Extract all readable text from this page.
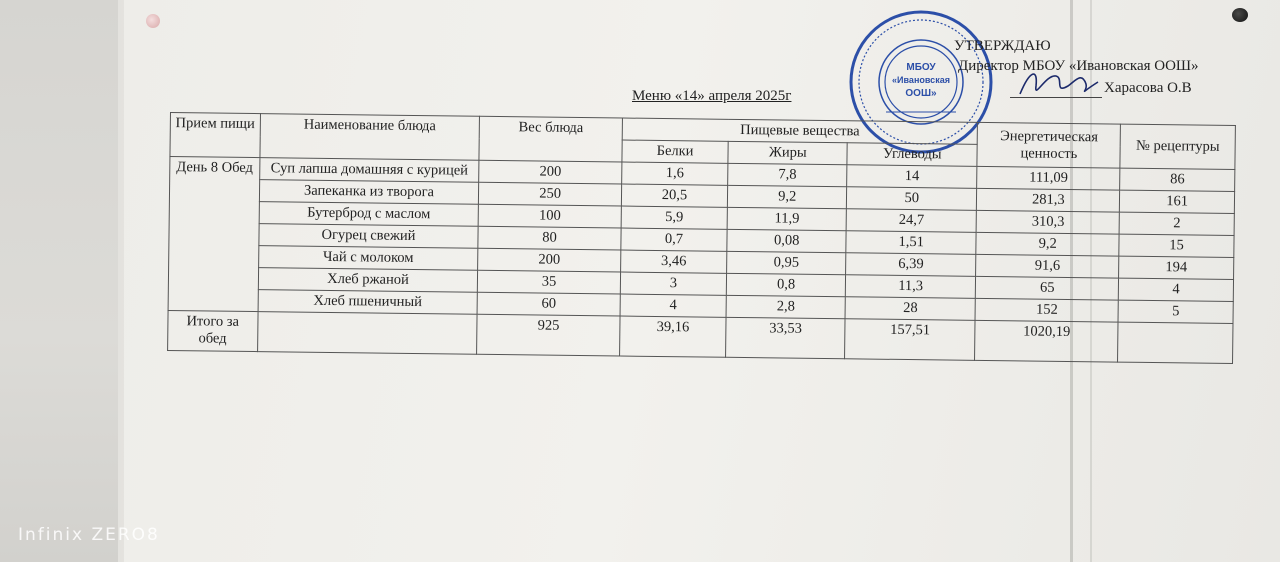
МБОУ
«Ивановская
ООШ»
УТВЕРЖДАЮ
Директор МБОУ «Ивановская ООШ»
Харасова О.В
Меню «14» апреля 2025г
Прием пищи	Наименование блюда	Вес блюда	Пищевые вещества			Энергетическая ценность	№ рецептуры
			Белки	Жиры	Углеводы		
День 8 Обед	Суп лапша домашняя с курицей	200	1,6	7,8	14	111,09	86
	Запеканка из творога	250	20,5	9,2	50	281,3	161
	Бутерброд с маслом	100	5,9	11,9	24,7	310,3	2
	Огурец свежий	80	0,7	0,08	1,51	9,2	15
	Чай с молоком	200	3,46	0,95	6,39	91,6	194
	Хлеб ржаной	35	3	0,8	11,3	65	4
	Хлеб пшеничный	60	4	2,8	28	152	5
Итого за обед		925	39,16	33,53	157,51	1020,19	
Infinix ZERO8
